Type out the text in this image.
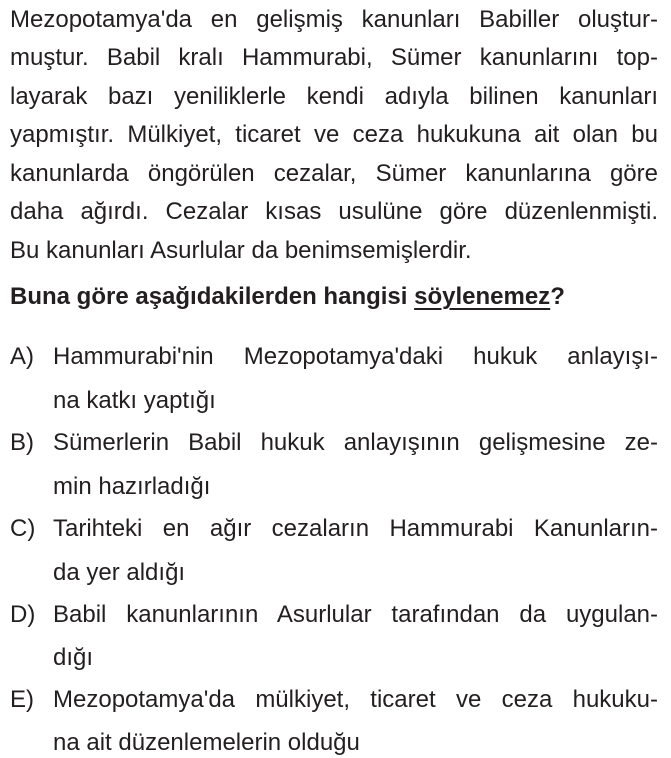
Mezopotamya'da en gelişmiş kanunları Babiller oluştur-
muştur. Babil kralı Hammurabi, Sümer kanunlarını top-
layarak bazı yeniliklerle kendi adıyla bilinen kanunları
yapmıştır. Mülkiyet, ticaret ve ceza hukukuna ait olan bu
kanunlarda öngörülen cezalar, Sümer kanunlarına göre
daha ağırdı. Cezalar kısas usulüne göre düzenlenmişti.
Bu kanunları Asurlular da benimsemişlerdir.
Buna göre aşağıdakilerden hangisi söylenemez?
A) Hammurabi'nin Mezopotamya'daki hukuk anlayışı-
na katkı yaptığı
B) Sümerlerin Babil hukuk anlayışının gelişmesine ze-
min hazırladığı
C) Tarihteki en ağır cezaların Hammurabi Kanunların-
da yer aldığı
D) Babil kanunlarının Asurlular tarafından da uygulan-
dığı
E) Mezopotamya'da mülkiyet, ticaret ve ceza hukuku-
na ait düzenlemelerin olduğu
